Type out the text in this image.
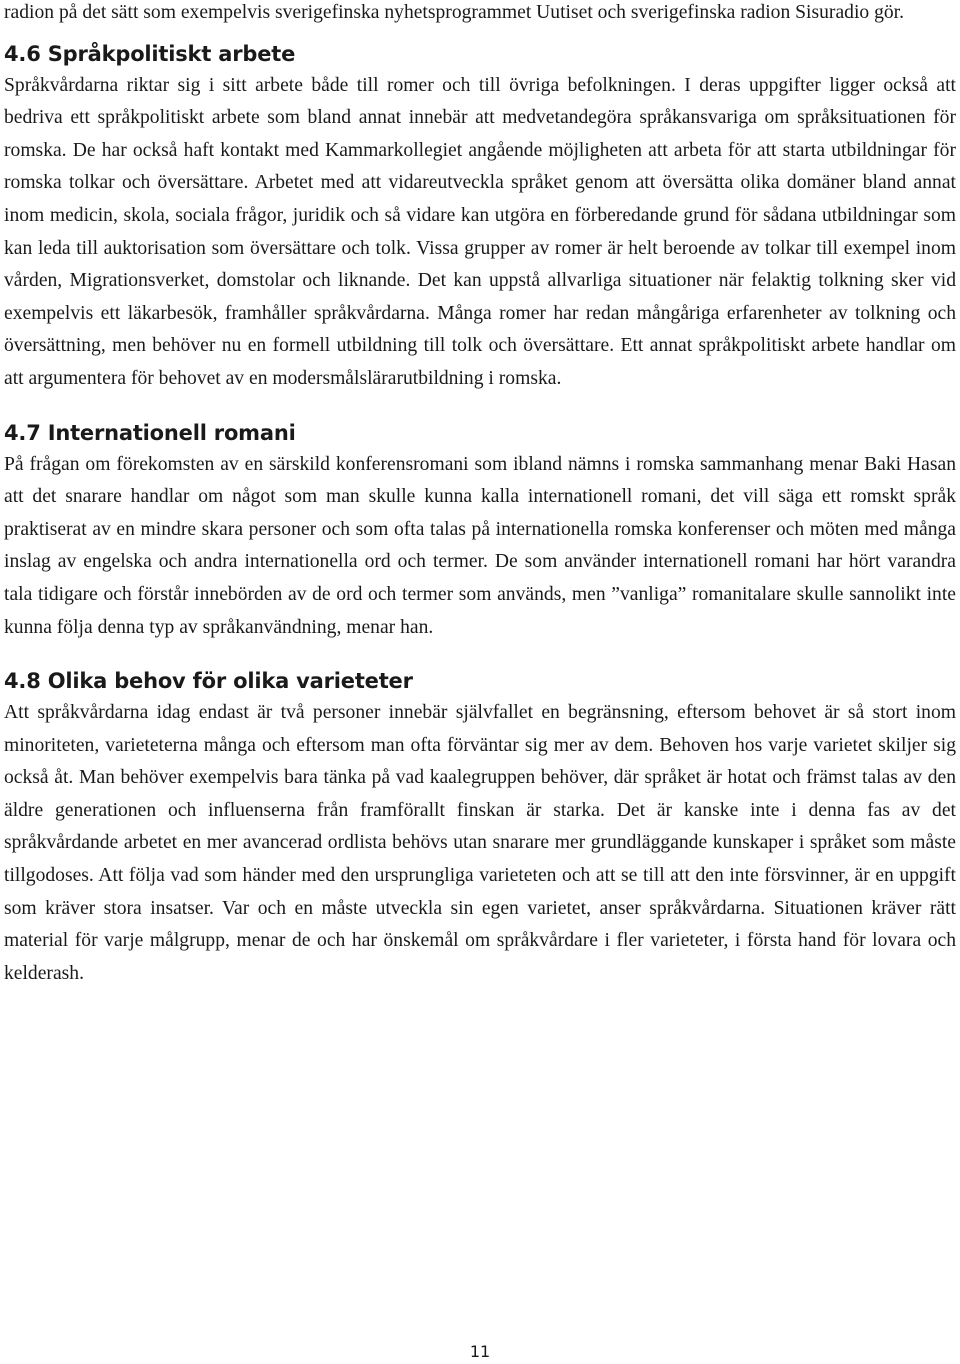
radion på det sätt som exempelvis sverigefinska nyhetsprogrammet Uutiset och sverigefinska radion Sisuradio gör.

4.6 Språkpolitiskt arbete

Språkvårdarna riktar sig i sitt arbete både till romer och till övriga befolkningen. I deras uppgifter ligger också att bedriva ett språkpolitiskt arbete som bland annat innebär att medvetandegöra språkansvariga om språksituationen för romska. De har också haft kontakt med Kammarkollegiet angående möjligheten att arbeta för att starta utbildningar för romska tolkar och översättare. Arbetet med att vidareutveckla språket genom att översätta olika domäner bland annat inom medicin, skola, sociala frågor, juridik och så vidare kan utgöra en förberedande grund för sådana utbildningar som kan leda till auktorisation som översättare och tolk. Vissa grupper av romer är helt beroende av tolkar till exempel inom vården, Migrationsverket, domstolar och liknande. Det kan uppstå allvarliga situationer när felaktig tolkning sker vid exempelvis ett läkarbesök, framhåller språkvårdarna. Många romer har redan mångåriga erfarenheter av tolkning och översättning, men behöver nu en formell utbildning till tolk och översättare. Ett annat språkpolitiskt arbete handlar om att argumentera för behovet av en modersmålslärarutbildning i romska.

4.7 Internationell romani

På frågan om förekomsten av en särskild konferensromani som ibland nämns i romska sammanhang menar Baki Hasan att det snarare handlar om något som man skulle kunna kalla internationell romani, det vill säga ett romskt språk praktiserat av en mindre skara personer och som ofta talas på internationella romska konferenser och möten med många inslag av engelska och andra internationella ord och termer. De som använder internationell romani har hört varandra tala tidigare och förstår innebörden av de ord och termer som används, men ”vanliga” romanitalare skulle sannolikt inte kunna följa denna typ av språkanvändning, menar han.

4.8 Olika behov för olika varieteter

Att språkvårdarna idag endast är två personer innebär självfallet en begränsning, eftersom behovet är så stort inom minoriteten, varieteterna många och eftersom man ofta förväntar sig mer av dem. Behoven hos varje varietet skiljer sig också åt. Man behöver exempelvis bara tänka på vad kaalegruppen behöver, där språket är hotat och främst talas av den äldre generationen och influenserna från framförallt finskan är starka. Det är kanske inte i denna fas av det språkvårdande arbetet en mer avancerad ordlista behövs utan snarare mer grundläggande kunskaper i språket som måste tillgodoses. Att följa vad som händer med den ursprungliga varieteten och att se till att den inte försvinner, är en uppgift som kräver stora insatser. Var och en måste utveckla sin egen varietet, anser språkvårdarna. Situationen kräver rätt material för varje målgrupp, menar de och har önskemål om språkvårdare i fler varieteter, i första hand för lovara och kelderash.

11
